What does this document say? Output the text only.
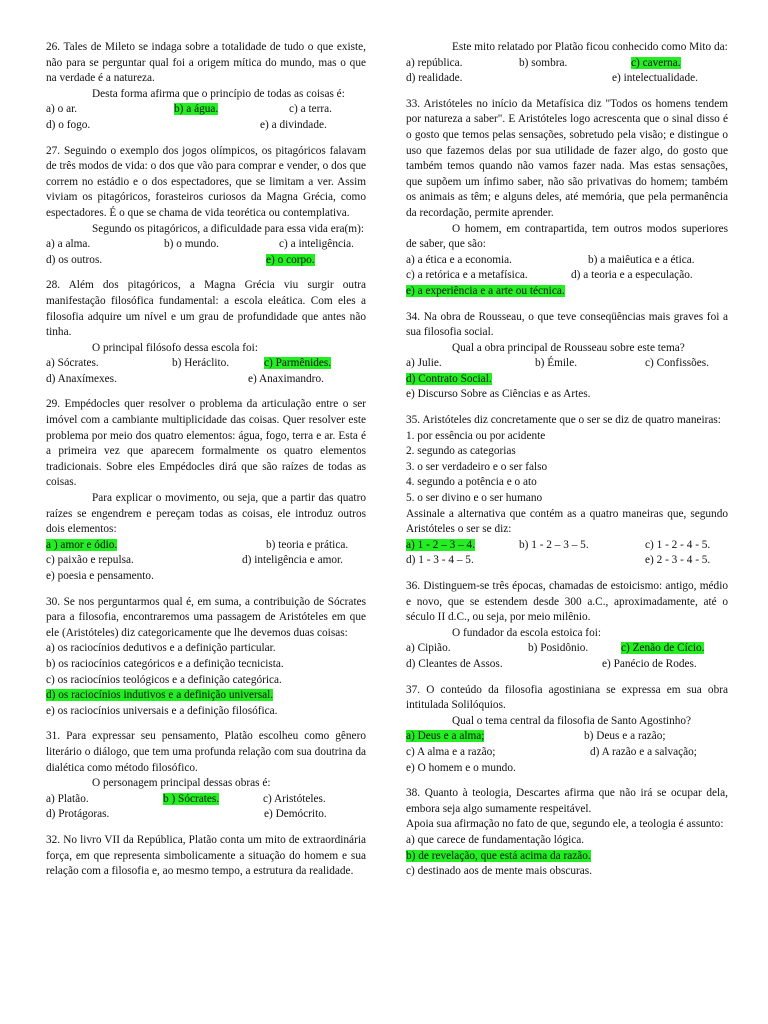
26. Tales de Mileto se indaga sobre a totalidade de tudo o que existe, não para se perguntar qual foi a origem mítica do mundo, mas o que na verdade é a natureza.

Desta forma afirma que o princípio de todas as coisas é:

a) o ar.	b) a água.	c) a terra.
d) o fogo.	e) a divindade.

27. Seguindo o exemplo dos jogos olímpicos, os pitagóricos falavam de três modos de vida: o dos que vão para comprar e vender, o dos que correm no estádio e o dos espectadores, que se limitam a ver. Assim viviam os pitagóricos, forasteiros curiosos da Magna Grécia, como espectadores. É o que se chama de vida teorética ou contemplativa.

Segundo os pitagóricos, a dificuldade para essa vida era(m):

a) a alma.	b) o mundo.	c) a inteligência.
d) os outros.	e) o corpo.

28. Além dos pitagóricos, a Magna Grécia viu surgir outra manifestação filosófica fundamental: a escola eleática. Com eles a filosofia adquire um nível e um grau de profundidade que antes não tinha.

O principal filósofo dessa escola foi:

a) Sócrates.	b) Heráclito.	c) Parmênides.
d) Anaxímexes.	e) Anaximandro.

29. Empédocles quer resolver o problema da articulação entre o ser imóvel com a cambiante multiplicidade das coisas. Quer resolver este problema por meio dos quatro elementos: água, fogo, terra e ar. Esta é a primeira vez que aparecem formalmente os quatro elementos tradicionais. Sobre eles Empédocles dirá que são raízes de todas as coisas.

Para explicar o movimento, ou seja, que a partir das quatro raízes se engendrem e pereçam todas as coisas, ele introduz outros dois elementos:

a ) amor e ódio.	b) teoria e prática.
c) paixão e repulsa.	d) inteligência e amor.

e) poesia e pensamento.

30. Se nos perguntarmos qual é, em suma, a contribuição de Sócrates para a filosofia, encontraremos uma passagem de Aristóteles em que ele (Aristóteles) diz categoricamente que lhe devemos duas coisas:

a) os raciocínios dedutivos e a definição particular.

b) os raciocínios categóricos e a definição tecnicista.

c) os raciocínios teológicos e a definição categórica.

d) os raciocínios indutivos e a definição universal.

e) os raciocínios universais e a definição filosófica.

31. Para expressar seu pensamento, Platão escolheu como gênero literário o diálogo, que tem uma profunda relação com sua doutrina da dialética como método filosófico.

O personagem principal dessas obras é:

a) Platão.	b ) Sócrates.	c) Aristóteles.
d) Protágoras.	e) Demócrito.

32. No livro VII da República, Platão conta um mito de extraordinária força, em que representa simbolicamente a situação do homem e sua relação com a filosofia e, ao mesmo tempo, a estrutura da realidade.

Este mito relatado por Platão ficou conhecido como Mito da:

a) república.	b) sombra.	c) caverna.
d) realidade.	e) intelectualidade.

33. Aristóteles no início da Metafísica diz "Todos os homens tendem por natureza a saber". E Aristóteles logo acrescenta que o sinal disso é o gosto que temos pelas sensações, sobretudo pela visão; e distingue o uso que fazemos delas por sua utilidade de fazer algo, do gosto que também temos quando não vamos fazer nada. Mas estas sensações, que supõem um ínfimo saber, não são privativas do homem; também os animais as têm; e alguns deles, até memória, que pela permanência da recordação, permite aprender.

O homem, em contrapartida, tem outros modos superiores de saber, que são:

a) a ética e a economia.	b) a maiêutica e a ética.
c) a retórica e a metafísica.	d) a teoria e a especulação.

e) a experiência e a arte ou técnica.

34. Na obra de Rousseau, o que teve conseqüências mais graves foi a sua filosofia social.

Qual a obra principal de Rousseau sobre este tema?

a) Julie.	b) Émile.	c) Confissões.

d) Contrato Social.

e) Discurso Sobre as Ciências e as Artes.

35. Aristóteles diz concretamente que o ser se diz de quatro maneiras:

1. por essência ou por acidente

2. segundo as categorias

3. o ser verdadeiro e o ser falso

4. segundo a potência e o ato

5. o ser divino e o ser humano

Assinale a alternativa que contém as a quatro maneiras que, segundo Aristóteles o ser se diz:

a) 1 - 2 – 3 – 4.	b) 1 - 2 – 3 – 5.	c) 1 - 2 - 4 - 5.
d) 1 - 3 - 4 – 5.	e) 2 - 3 - 4 - 5.

36. Distinguem-se três épocas, chamadas de estoicismo: antigo, médio e novo, que se estendem desde 300 a.C., aproximadamente, até o século II d.C., ou seja, por meio milênio.

O fundador da escola estoica foi:

a) Cipião.	b) Posidônio.	c) Zenão de Cício.
d) Cleantes de Assos.	e) Panécio de Rodes.

37. O conteúdo da filosofia agostiniana se expressa em sua obra intitulada Solilóquios.

Qual o tema central da filosofia de Santo Agostinho?

a) Deus e a alma;	b) Deus e a razão;
c) A alma e a razão;	d) A razão e a salvação;

e) O homem e o mundo.

38. Quanto à teologia, Descartes afirma que não irá se ocupar dela, embora seja algo sumamente respeitável.

Apoia sua afirmação no fato de que, segundo ele, a teologia é assunto:

a) que carece de fundamentação lógica.

b) de revelação, que está acima da razão.

c) destinado aos de mente mais obscuras.
